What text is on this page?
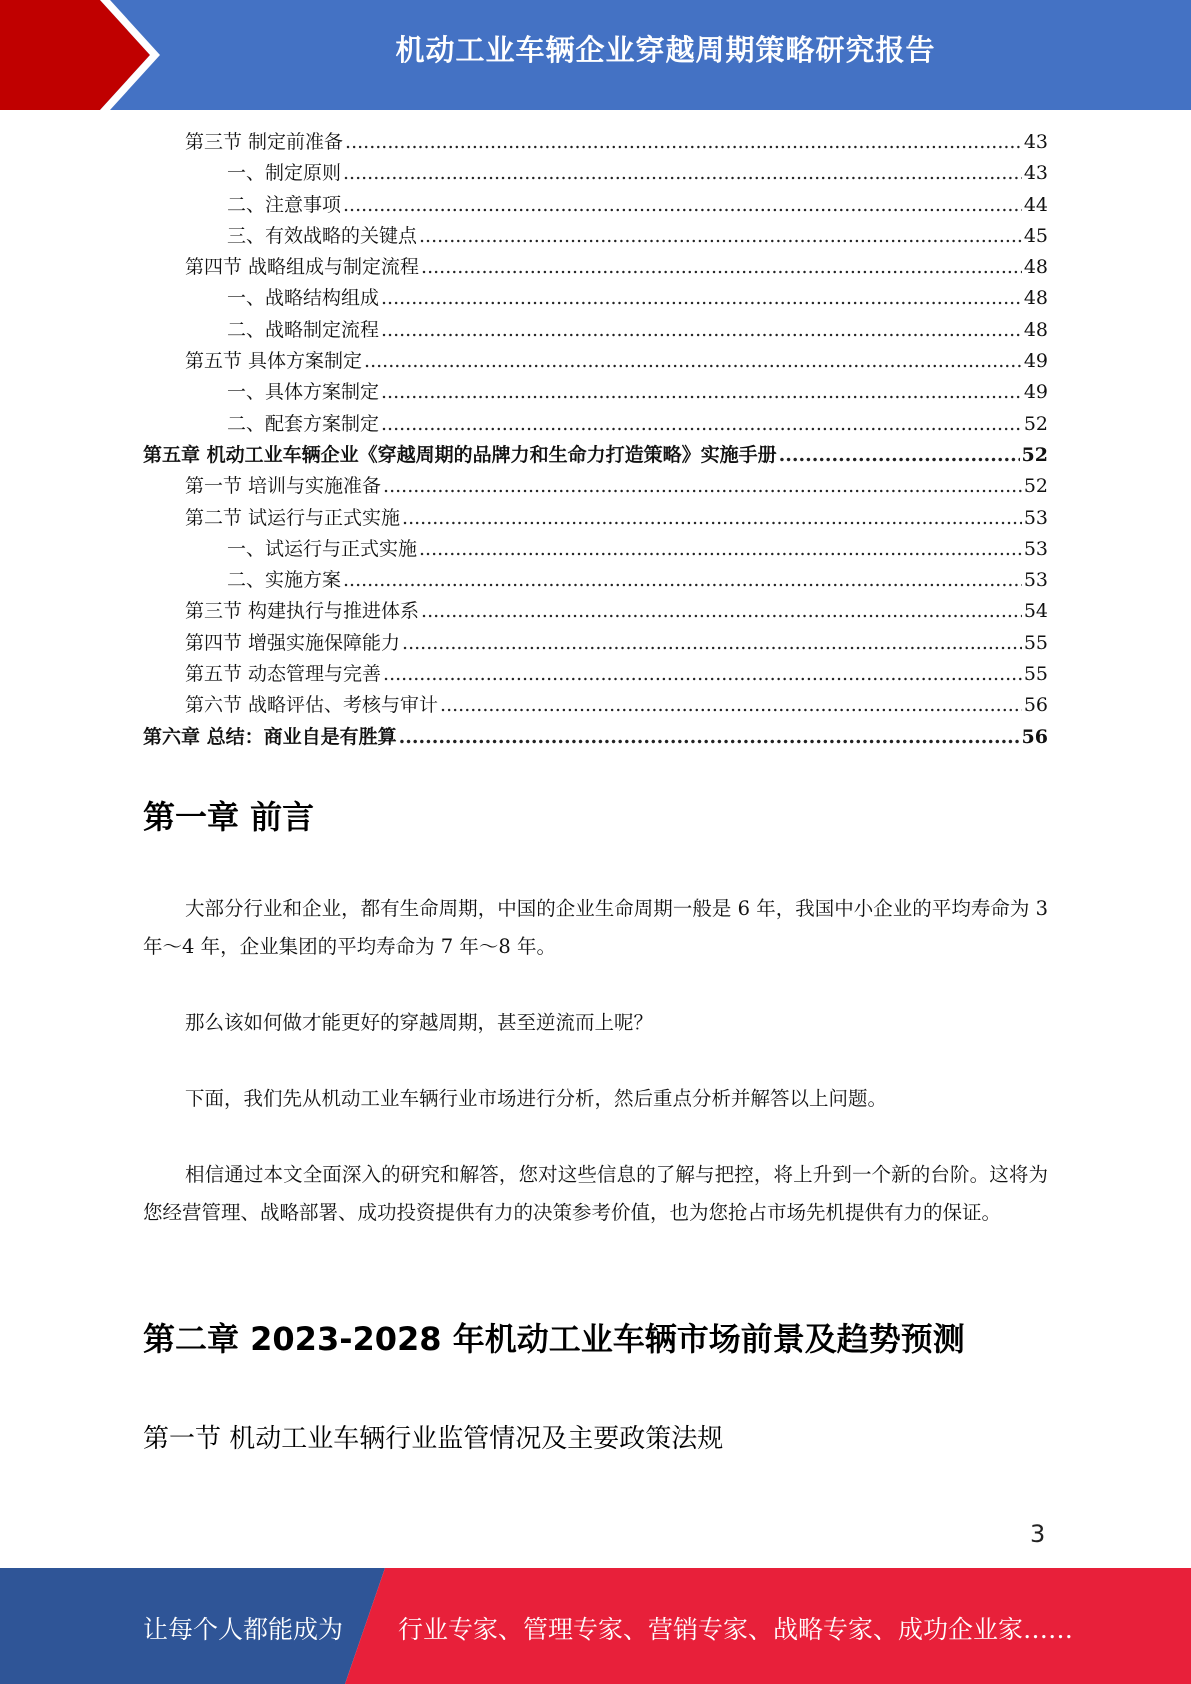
机动工业车辆企业穿越周期策略研究报告
第三节 制定前准备 .....	43
一、制定原则 .....	43
二、注意事项 .....	44
三、有效战略的关键点 .....	45
第四节 战略组成与制定流程 .....	48
一、战略结构组成 .....	48
二、战略制定流程 .....	48
第五节 具体方案制定 .....	49
一、具体方案制定 .....	49
二、配套方案制定 .....	52
第五章 机动工业车辆企业《穿越周期的品牌力和生命力打造策略》实施手册 .....	52
第一节 培训与实施准备 .....	52
第二节 试运行与正式实施 .....	53
一、试运行与正式实施 .....	53
二、实施方案 .....	53
第三节 构建执行与推进体系 .....	54
第四节 增强实施保障能力 .....	55
第五节 动态管理与完善 .....	55
第六节 战略评估、考核与审计 .....	56
第六章 总结：商业自是有胜算 .....	56
第一章 前言
大部分行业和企业，都有生命周期，中国的企业生命周期一般是 6 年，我国中小企业的平均寿命为 3 年～4 年，企业集团的平均寿命为 7 年～8 年。
那么该如何做才能更好的穿越周期，甚至逆流而上呢？
下面，我们先从机动工业车辆行业市场进行分析，然后重点分析并解答以上问题。
相信通过本文全面深入的研究和解答，您对这些信息的了解与把控，将上升到一个新的台阶。这将为您经营管理、战略部署、成功投资提供有力的决策参考价值，也为您抢占市场先机提供有力的保证。
第二章 2023-2028 年机动工业车辆市场前景及趋势预测
第一节 机动工业车辆行业监管情况及主要政策法规
3
让每个人都能成为 行业专家、管理专家、营销专家、战略专家、成功企业家……
